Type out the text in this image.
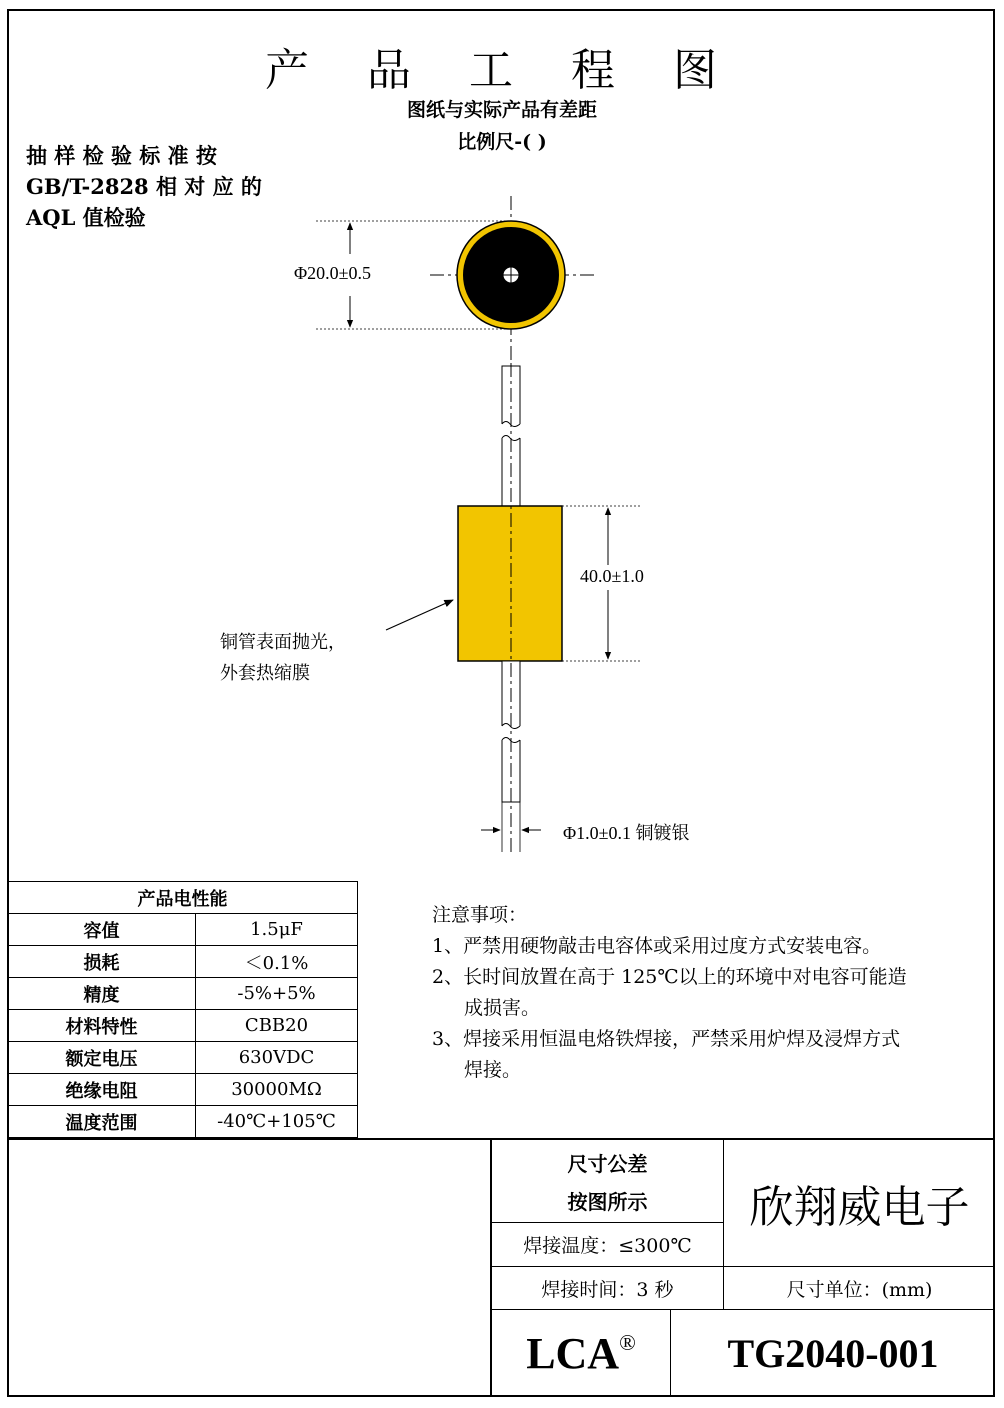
产 品 工 程 图
图纸与实际产品有差距
比例尺-( )
抽 样 检 验 标 准 按
GB/T-2828 相 对 应 的
AQL 值检验
Φ20.0±0.5
40.0±1.0
Φ1.0±0.1 铜镀银
铜管表面抛光，
外套热缩膜
产品电性能	
容值	1.5μF
损耗	＜0.1%
精度	-5%+5%
材料特性	CBB20
额定电压	630VDC
绝缘电阻	30000MΩ
温度范围	-40℃+105℃
注意事项：
1、严禁用硬物敲击电容体或采用过度方式安装电容。
2、长时间放置在高于 125℃以上的环境中对电容可能造
成损害。
3、焊接采用恒温电烙铁焊接，严禁采用炉焊及浸焊方式
焊接。
尺寸公差
按图所示
焊接温度：≤300℃
焊接时间：3 秒
欣翔威电子
尺寸单位：(mm)
LCA®	TG2040-001
